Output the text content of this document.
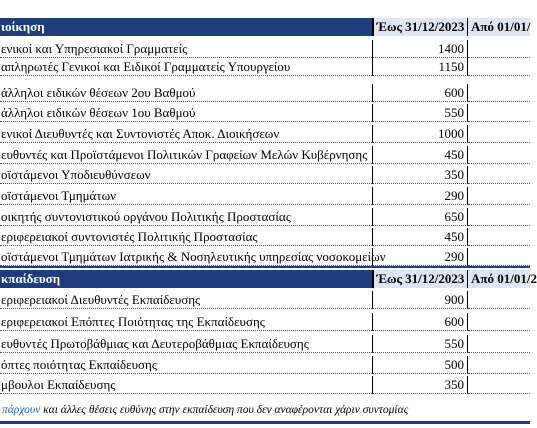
ιοίκηση	Έως 31/12/2023 Από 01/01/
ενικοί και Υπηρεσιακοί Γραμματείς	1400
απληρωτές Γενικοί και Ειδικοί Γραμματείς Υπουργείου	1150
άλληλοι ειδικών θέσεων 2ου Βαθμού	600
άλληλοι ειδικών θέσεων 1ου Βαθμού	550
ενικοί Διευθυντές και Συντονιστές Αποκ. Διοικήσεων	1000
ευθυντές και Προϊστάμενοι Πολιτικών Γραφείων Μελών Κυβέρνησης	450
οϊστάμενοι Υποδιευθύνσεων	350
οϊστάμενοι Τμημάτων	290
οικητής συντονιστικού οργάνου Πολιτικής Προστασίας	650
εριφερειακοί συντονιστές Πολιτικής Προστασίας	450
οϊστάμενοι Τμημάτων Ιατρικής & Νοσηλευτικής υπηρεσίας νοσοκομείων	290
κπαίδευση	Έως 31/12/2023 Από 01/01/2
εριφερειακοί Διευθυντές Εκπαίδευσης	900
εριφερειακοί Επόπτες Ποιότητας της Εκπαίδευσης	600
ευθυντές Πρωτοβάθμιας και Δευτεροβάθμιας Εκπαίδευσης	550
όπτες ποιότητας Εκπαίδευσης	500
μβουλοι Εκπαίδευσης	350
πάρχουν και άλλες θέσεις ευθύνης στην εκπαίδευση που δεν αναφέρονται χάριν συντομίας
